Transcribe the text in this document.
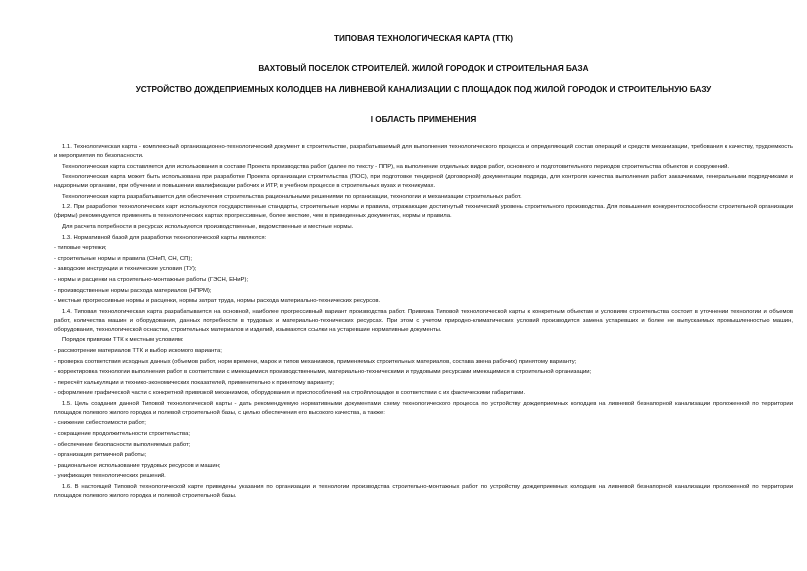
ТИПОВАЯ ТЕХНОЛОГИЧЕСКАЯ КАРТА (ТТК)
ВАХТОВЫЙ ПОСЕЛОК СТРОИТЕЛЕЙ. ЖИЛОЙ ГОРОДОК И СТРОИТЕЛЬНАЯ БАЗА
УСТРОЙСТВО ДОЖДЕПРИЕМНЫХ КОЛОДЦЕВ НА ЛИВНЕВОЙ КАНАЛИЗАЦИИ С ПЛОЩАДОК ПОД ЖИЛОЙ ГОРОДОК И СТРОИТЕЛЬНУЮ БАЗУ
I ОБЛАСТЬ ПРИМЕНЕНИЯ
1.1. Технологическая карта - комплексный организационно-технологический документ в строительстве, разрабатываемый для выполнения технологического процесса и определяющий состав операций и средств механизации, требования к качеству, трудоемкость и мероприятия по безопасности.
Технологическая карта составляется для использования в составе Проекта производства работ (далее по тексту - ППР), на выполнение отдельных видов работ, основного и подготовительного периодов строительства объектов и сооружений.
Технологическая карта может быть использована при разработке Проекта организации строительства (ПОС), при подготовке тендерной (договорной) документации подряда, для контроля качества выполнения работ заказчиками, генеральными подрядчиками и надзорными органами, при обучении и повышении квалификации рабочих и ИТР, в учебном процессе в строительных вузах и техникумах.
Технологическая карта разрабатывается для обеспечения строительства рациональными решениями по организации, технологии и механизации строительных работ.
1.2. При разработке технологических карт используются государственные стандарты, строительные нормы и правила, отражающие достигнутый технический уровень строительного производства. Для повышения конкурентоспособности строительной организации (фирмы) рекомендуется применять в технологических картах прогрессивные, более жесткие, чем в приведенных документах, нормы и правила.
Для расчета потребности в ресурсах используются производственные, ведомственные и местные нормы.
1.3. Нормативной базой для разработки технологической карты являются:
- типовые чертежи;
- строительные нормы и правила (СНиП, СН, СП);
- заводские инструкции и технические условия (ТУ);
- нормы и расценки на строительно-монтажные работы (ГЭСН, ЕНиР);
- производственные нормы расхода материалов (НПРМ);
- местные прогрессивные нормы и расценки, нормы затрат труда, нормы расхода материально-технических ресурсов.
1.4. Типовая технологическая карта разрабатывается на основной, наиболее прогрессивный вариант производства работ. Привязка Типовой технологической карты к конкретным объектам и условиям строительства состоит в уточнении технологии и объемов работ, количества машин и оборудования, данных потребности в трудовых и материально-технических ресурсах. При этом с учетом природно-климатических условий производится замена устаревших и более не выпускаемых промышленностью машин, оборудования, технологической оснастки, строительных материалов и изделий, изымаются ссылки на устаревшие нормативные документы.
Порядок привязки ТТК к местным условиям:
- рассмотрение материалов ТТК и выбор искомого варианта;
- проверка соответствия исходных данных (объемов работ, норм времени, марок и типов механизмов, применяемых строительных материалов, состава звена рабочих) принятому варианту;
- корректировка технологии выполнения работ в соответствии с имеющимися производственными, материально-техническими и трудовыми ресурсами имеющимися в строительной организации;
- пересчёт калькуляции и технико-экономических показателей, применительно к принятому варианту;
- оформление графической части с конкретной привязкой механизмов, оборудования и приспособлений на стройплощадке в соответствии с их фактическими габаритами.
1.5. Цель создания данной Типовой технологической карты - дать рекомендуемую нормативными документами схему технологического процесса по устройству дождеприемных колодцев на ливневой безнапорной канализации проложенной по территории площадок полевого жилого городка и полевой строительной базы, с целью обеспечения его высокого качества, а также:
- снижение себестоимости работ;
- сокращение продолжительности строительства;
- обеспечение безопасности выполняемых работ;
- организация ритмичной работы;
- рациональное использование трудовых ресурсов и машин;
- унификация технологических решений.
1.6. В настоящей Типовой технологической карте приведены указания по организации и технологии производства строительно-монтажных работ по устройству дождеприемных колодцев на ливневой безнапорной канализации проложенной по территории площадок полевого жилого городка и полевой строительной базы.
